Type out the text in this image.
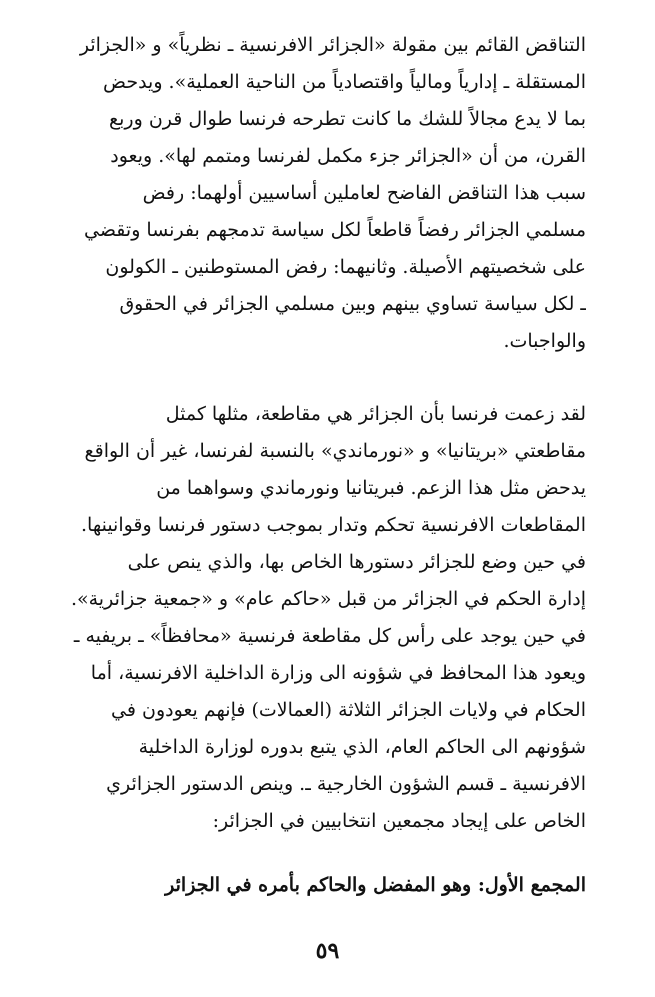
التناقض القائم بين مقولة «الجزائر الافرنسية ـ نظرياً» و «الجزائر
المستقلة ـ إدارياً ومالياً واقتصادياً من الناحية العملية». ويدحض
بما لا يدع مجالاً للشك ما كانت تطرحه فرنسا طوال قرن وربع
القرن، من أن «الجزائر جزء مكمل لفرنسا ومتمم لها». ويعود
سبب هذا التناقض الفاضح لعاملين أساسيين أولهما: رفض
مسلمي الجزائر رفضاً قاطعاً لكل سياسة تدمجهم بفرنسا وتقضي
على شخصيتهم الأصيلة. وثانيهما: رفض المستوطنين ـ الكولون
ـ لكل سياسة تساوي بينهم وبين مسلمي الجزائر في الحقوق
والواجبات.
لقد زعمت فرنسا بأن الجزائر هي مقاطعة، مثلها كمثل
مقاطعتي «بريتانيا» و «نورماندي» بالنسبة لفرنسا، غير أن الواقع
يدحض مثل هذا الزعم. فبريتانيا ونورماندي وسواهما من
المقاطعات الافرنسية تحكم وتدار بموجب دستور فرنسا وقوانينها.
في حين وضع للجزائر دستورها الخاص بها، والذي ينص على
إدارة الحكم في الجزائر من قبل «حاكم عام» و «جمعية جزائرية».
في حين يوجد على رأس كل مقاطعة فرنسية «محافظاً» ـ بريفيه ـ
ويعود هذا المحافظ في شؤونه الى وزارة الداخلية الافرنسية، أما
الحكام في ولايات الجزائر الثلاثة (العمالات) فإنهم يعودون في
شؤونهم الى الحاكم العام، الذي يتبع بدوره لوزارة الداخلية
الافرنسية ـ قسم الشؤون الخارجية ـ. وينص الدستور الجزائري
الخاص على إيجاد مجمعين انتخابيين في الجزائر:
المجمع الأول: وهو المفضل والحاكم بأمره في الجزائر
٥٩
